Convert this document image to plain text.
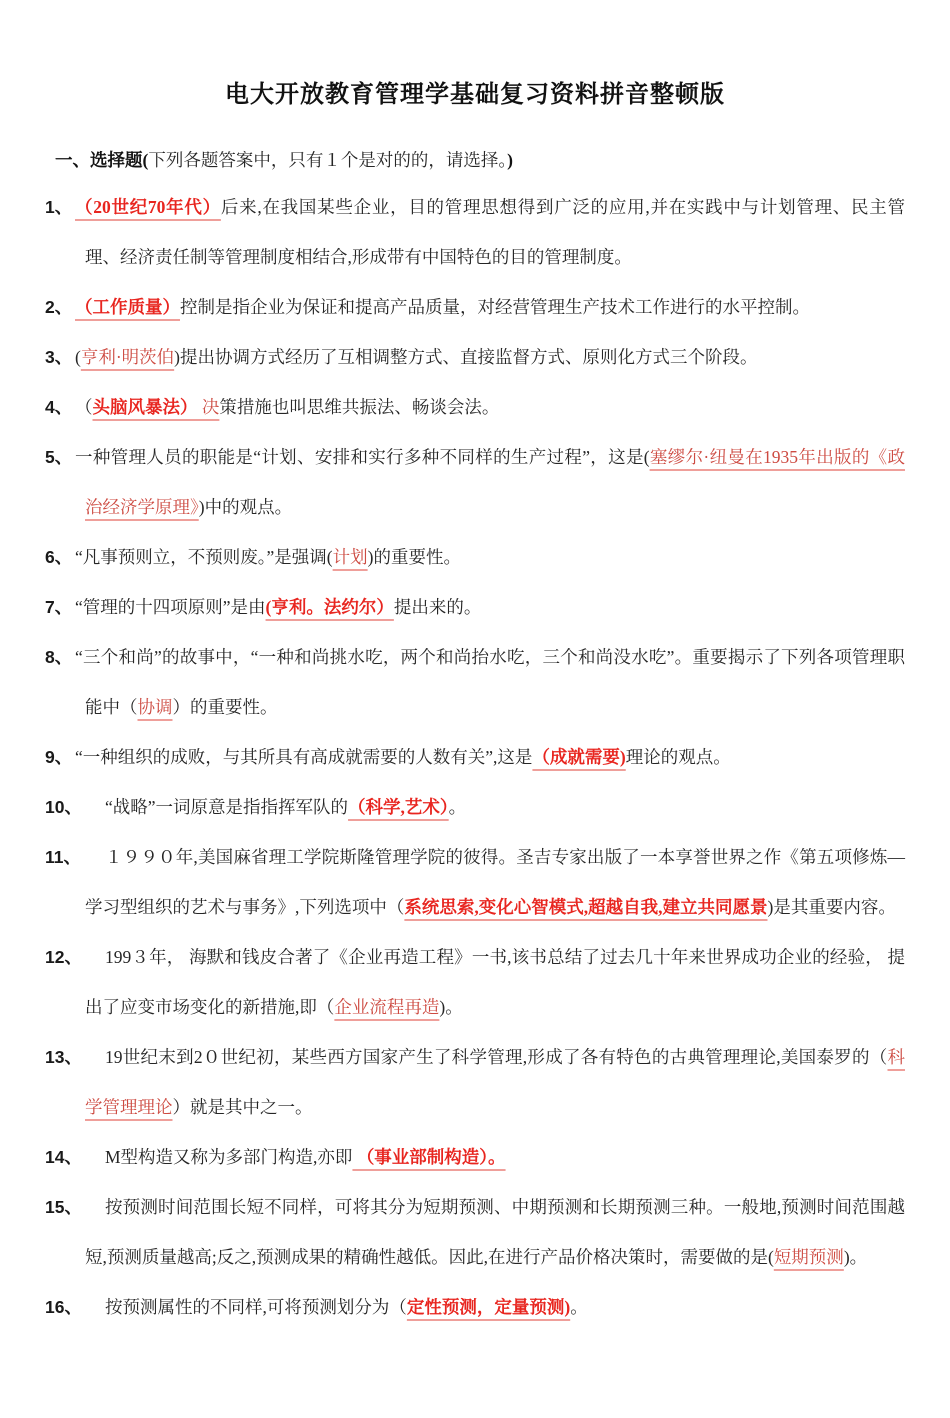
电大开放教育管理学基础复习资料拼音整顿版

一、选择题(下列各题答案中，只有１个是对的的，请选择。)

1、 （20世纪70年代）后来,在我国某些企业，目的管理思想得到广泛的应用,并在实践中与计划管理、民主管理、经济责任制等管理制度相结合,形成带有中国特色的目的管理制度。
2、 （工作质量）控制是指企业为保证和提高产品质量，对经营管理生产技术工作进行的水平控制。
3、 (亨利·明茨伯)提出协调方式经历了互相调整方式、直接监督方式、原则化方式三个阶段。
4、 （头脑风暴法） 决策措施也叫思维共振法、畅谈会法。
5、 一种管理人员的职能是“计划、安排和实行多种不同样的生产过程”，这是(塞缪尔·纽曼在1935年出版的《政治经济学原理》)中的观点。
6、 “凡事预则立，不预则废。”是强调(计划)的重要性。
7、 “管理的十四项原则”是由(亨利。法约尔）提出来的。
8、 “三个和尚”的故事中，“一种和尚挑水吃，两个和尚抬水吃，三个和尚没水吃”。重要揭示了下列各项管理职能中（协调）的重要性。
9、 “一种组织的成败，与其所具有高成就需要的人数有关”,这是（成就需要)理论的观点。
10、 “战略”一词原意是指指挥军队的（科学,艺术）。
11、 １９９０年,美国麻省理工学院斯隆管理学院的彼得。圣吉专家出版了一本享誉世界之作《第五项修炼—学习型组织的艺术与事务》,下列选项中（系统思索,变化心智模式,超越自我,建立共同愿景)是其重要内容。
12、 199３年， 海默和钱皮合著了《企业再造工程》一书,该书总结了过去几十年来世界成功企业的经验， 提出了应变市场变化的新措施,即（企业流程再造)。
13、 19世纪末到2０世纪初，某些西方国家产生了科学管理,形成了各有特色的古典管理理论,美国泰罗的（科学管理理论）就是其中之一。
14、 M型构造又称为多部门构造,亦即 （事业部制构造）。
15、 按预测时间范围长短不同样，可将其分为短期预测、中期预测和长期预测三种。一般地,预测时间范围越短,预测质量越高;反之,预测成果的精确性越低。因此,在进行产品价格决策时，需要做的是(短期预测)。
16、 按预测属性的不同样,可将预测划分为（定性预测，定量预测)。
